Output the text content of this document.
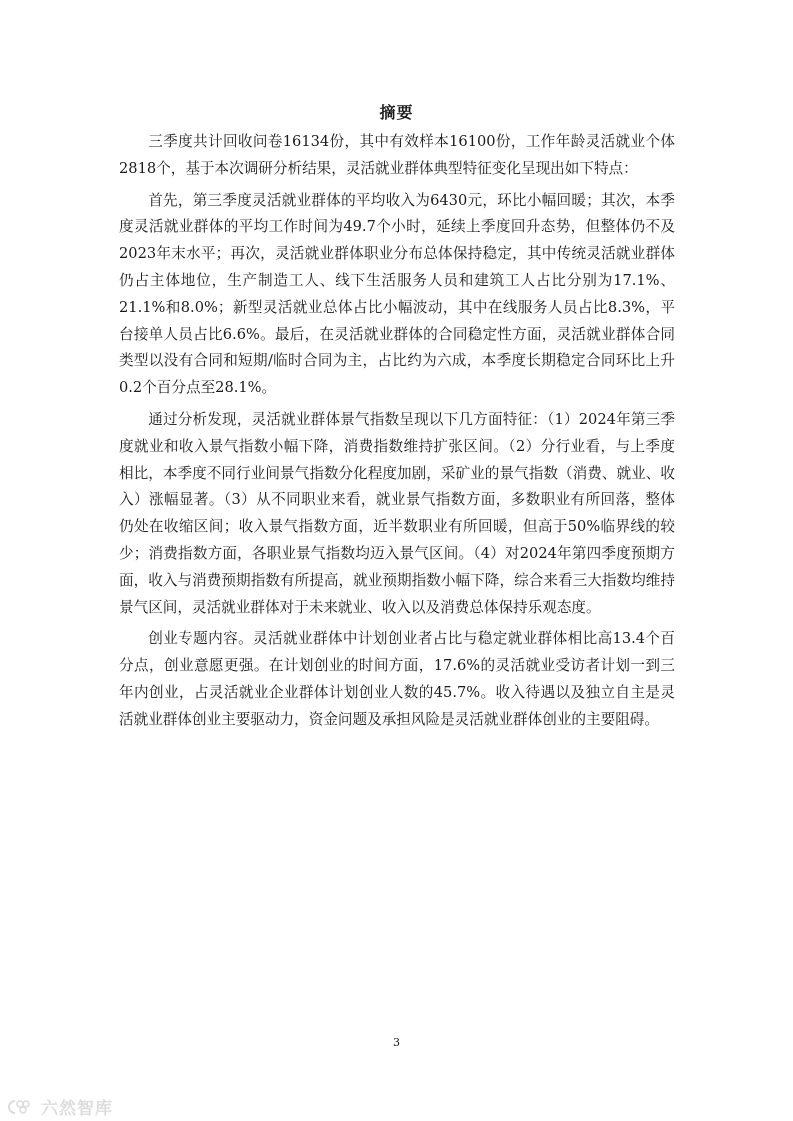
摘要

三季度共计回收问卷16134份，其中有效样本16100份，工作年龄灵活就业个体2818个，基于本次调研分析结果，灵活就业群体典型特征变化呈现出如下特点：

首先，第三季度灵活就业群体的平均收入为6430元，环比小幅回暖；其次，本季度灵活就业群体的平均工作时间为49.7个小时，延续上季度回升态势，但整体仍不及2023年末水平；再次，灵活就业群体职业分布总体保持稳定，其中传统灵活就业群体仍占主体地位，生产制造工人、线下生活服务人员和建筑工人占比分别为17.1%、21.1%和8.0%；新型灵活就业总体占比小幅波动，其中在线服务人员占比8.3%，平台接单人员占比6.6%。最后，在灵活就业群体的合同稳定性方面，灵活就业群体合同类型以没有合同和短期/临时合同为主，占比约为六成，本季度长期稳定合同环比上升0.2个百分点至28.1%。

通过分析发现，灵活就业群体景气指数呈现以下几方面特征：（1）2024年第三季度就业和收入景气指数小幅下降，消费指数维持扩张区间。（2）分行业看，与上季度相比，本季度不同行业间景气指数分化程度加剧，采矿业的景气指数（消费、就业、收入）涨幅显著。（3）从不同职业来看，就业景气指数方面，多数职业有所回落，整体仍处在收缩区间；收入景气指数方面，近半数职业有所回暖，但高于50%临界线的较少；消费指数方面，各职业景气指数均迈入景气区间。（4）对2024年第四季度预期方面，收入与消费预期指数有所提高，就业预期指数小幅下降，综合来看三大指数均维持景气区间，灵活就业群体对于未来就业、收入以及消费总体保持乐观态度。

创业专题内容。灵活就业群体中计划创业者占比与稳定就业群体相比高13.4个百分点，创业意愿更强。在计划创业的时间方面，17.6%的灵活就业受访者计划一到三年内创业，占灵活就业企业群体计划创业人数的45.7%。收入待遇以及独立自主是灵活就业群体创业主要驱动力，资金问题及承担风险是灵活就业群体创业的主要阻碍。

3
六然智库
